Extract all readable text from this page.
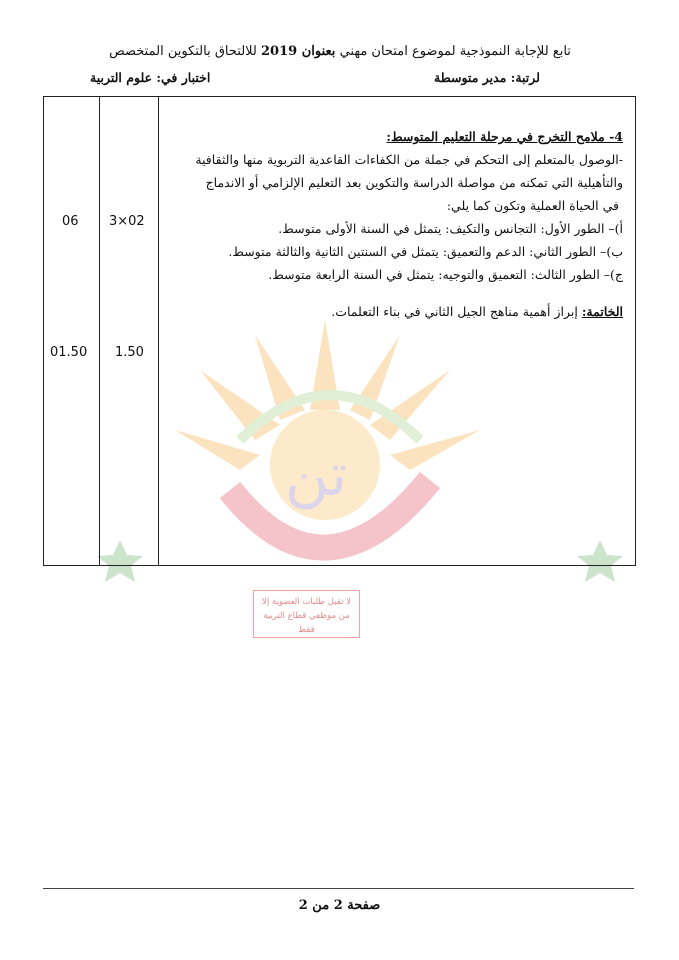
تن
تابع للإجابة النموذجية لموضوع امتحان مهني بعنوان 2019 للالتحاق بالتكوين المتخصص
لرتبة: مدير متوسطة
اختبار في: علوم التربية
4- ملامح التخرج في مرحلة التعليم المتوسط:
-الوصول بالمتعلم إلى التحكم في جملة من الكفاءات القاعدية التربوية منها والثقافية
والتأهيلية التي تمكنه من مواصلة الدراسة والتكوين بعد التعليم الإلزامي أو الاندماج
في الحياة العملية وتكون كما يلي:
أ)– الطور الأول: التجانس والتكيف: يتمثل في السنة الأولى متوسط.
ب)– الطور الثاني: الدعم والتعميق: يتمثل في السنتين الثانية والثالثة متوسط.
ج)– الطور الثالث: التعميق والتوجيه: يتمثل في السنة الرابعة متوسط.
الخاتمة: إبراز أهمية مناهج الجيل الثاني في بناء التعلمات.
3×02
06
1.50
01.50
لا تقبل طلبات العضوية إلا
من موظفي قطاع التربية فقط
صفحة 2 من 2
